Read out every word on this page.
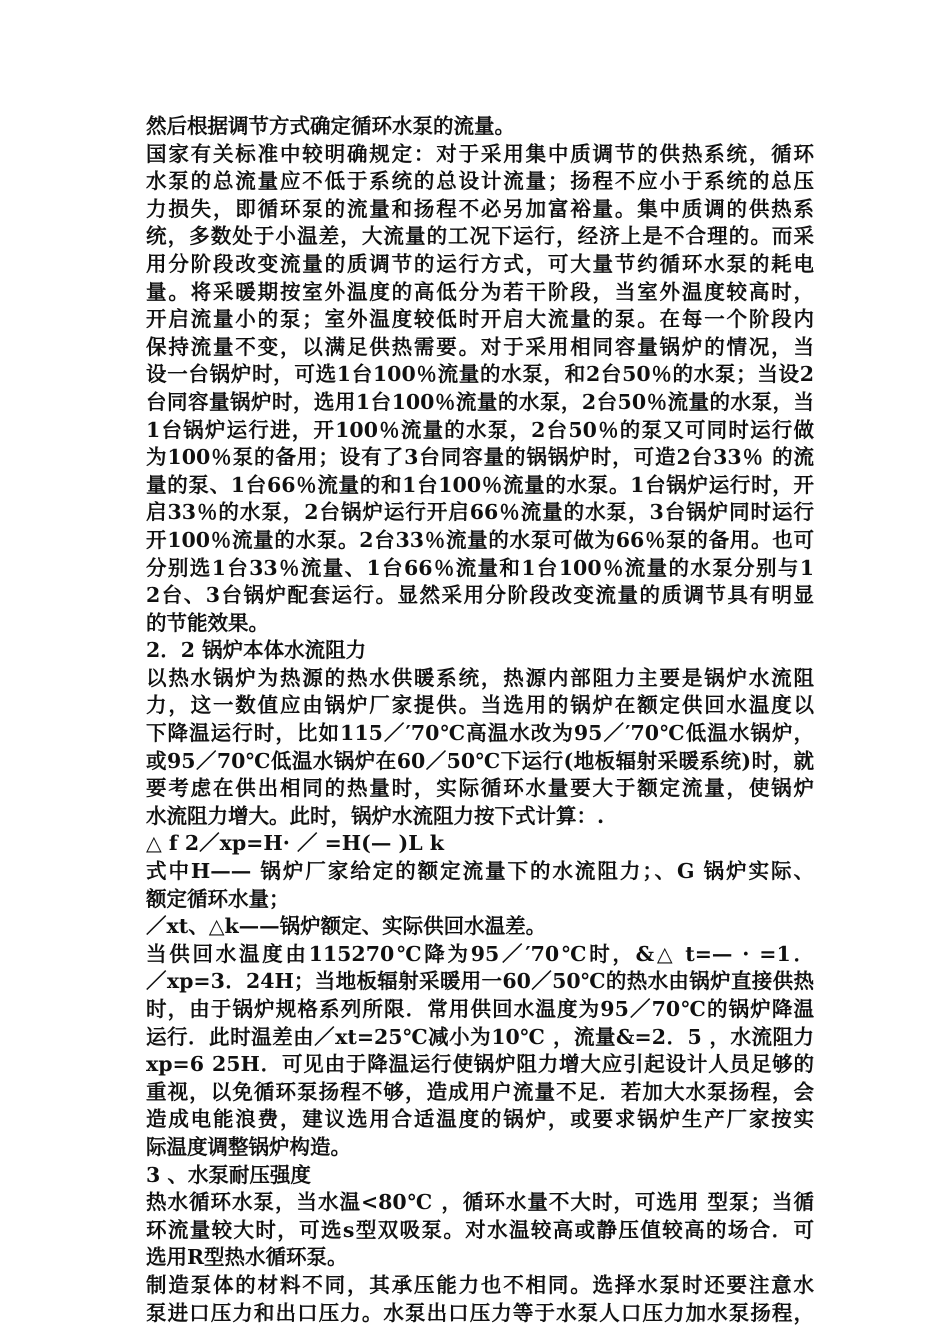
然后根据调节方式确定循环水泵的流量。
国家有关标准中较明确规定：对于采用集中质调节的供热系统，循环
水泵的总流量应不低于系统的总设计流量；扬程不应小于系统的总压
力损失，即循环泵的流量和扬程不必另加富裕量。集中质调的供热系
统，多数处于小温差，大流量的工况下运行，经济上是不合理的。而采
用分阶段改变流量的质调节的运行方式，可大量节约循环水泵的耗电
量。将采暖期按室外温度的高低分为若干阶段，当室外温度较高时，
开启流量小的泵；室外温度较低时开启大流量的泵。在每一个阶段内
保持流量不变，以满足供热需要。对于采用相同容量锅炉的情况，当
设一台锅炉时，可选1台100％流量的水泵，和2台50％的水泵；当设2
台同容量锅炉时，选用1台100％流量的水泵，2台50％流量的水泵，当
1台锅炉运行进，开100％流量的水泵，2台50％的泵又可同时运行做
为100％泵的备用；设有了3台同容量的锅锅炉时，可造2台33％ 的流
量的泵、1台66％流量的和1台100％流量的水泵。1台锅炉运行时，开
启33％的水泵，2台锅炉运行开启66％流量的水泵，3台锅炉同时运行
开100％流量的水泵。2台33％流量的水泵可做为66％泵的备用。也可
分别选1台33％流量、1台66％流量和1台100％流量的水泵分别与1
2台、3台锅炉配套运行。显然采用分阶段改变流量的质调节具有明显
的节能效果。
2．2 锅炉本体水流阻力
以热水锅炉为热源的热水供暖系统，热源内部阻力主要是锅炉水流阻
力，这一数值应由锅炉厂家提供。当选用的锅炉在额定供回水温度以
下降温运行时，比如115／′70℃高温水改为95／′70℃低温水锅炉，
或95／70℃低温水锅炉在60／50℃下运行(地板辐射采暖系统)时，就
要考虑在供出相同的热量时，实际循环水量要大于额定流量，使锅炉
水流阻力增大。此时，锅炉水流阻力按下式计算：.
△ f 2／xp=H· ／ =H(— )L k
式中H—— 锅炉厂家给定的额定流量下的水流阻力；、G 锅炉实际、
额定循环水量；
／xt、△k——锅炉额定、实际供回水温差。
当供回水温度由115270℃降为95／′70℃时，&△ t=— · =1．
／xp=3．24H；当地板辐射采暖用一60／50℃的热水由锅炉直接供热
时，由于锅炉规格系列所限．常用供回水温度为95／70℃的锅炉降温
运行．此时温差由／xt=25℃减小为10℃ ，流量&=2．5 ，水流阻力
xp=6 25H．可见由于降温运行使锅炉阻力增大应引起设计人员足够的
重视，以免循环泵扬程不够，造成用户流量不足．若加大水泵扬程，会
造成电能浪费，建议选用合适温度的锅炉，或要求锅炉生产厂家按实
际温度调整锅炉构造。
3 、水泵耐压强度
热水循环水泵，当水温<80℃ ，循环水量不大时，可选用 型泵；当循
环流量较大时，可选s型双吸泵。对水温较高或静压值较高的场合．可
选用R型热水循环泵。
制造泵体的材料不同，其承压能力也不相同。选择水泵时还要注意水
泵进口压力和出口压力。水泵出口压力等于水泵人口压力加水泵扬程，
